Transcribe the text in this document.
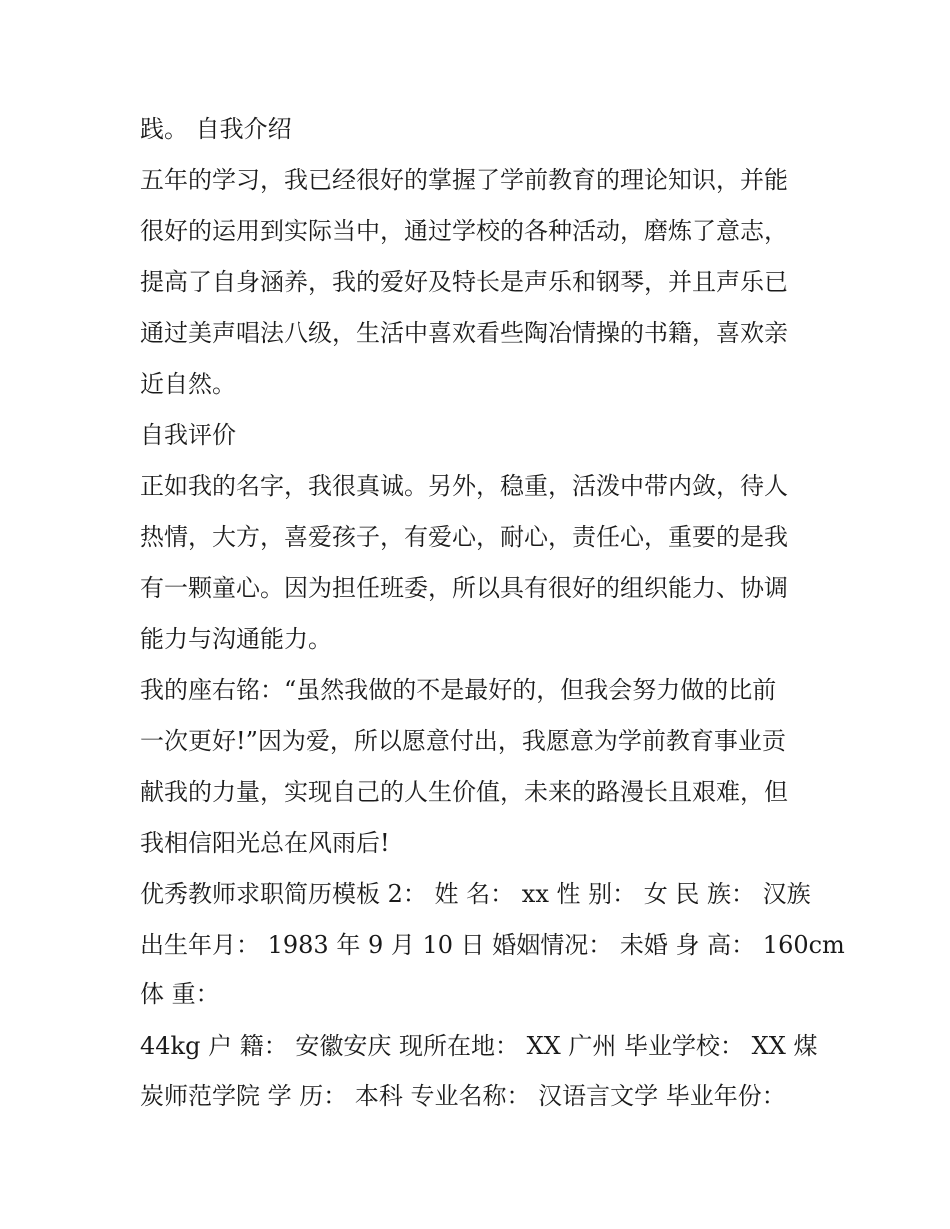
践。 自我介绍
五年的学习，我已经很好的掌握了学前教育的理论知识，并能
很好的运用到实际当中，通过学校的各种活动，磨炼了意志，
提高了自身涵养，我的爱好及特长是声乐和钢琴，并且声乐已
通过美声唱法八级，生活中喜欢看些陶冶情操的书籍，喜欢亲
近自然。
自我评价
正如我的名字，我很真诚。另外，稳重，活泼中带内敛，待人
热情，大方，喜爱孩子，有爱心，耐心，责任心，重要的是我
有一颗童心。因为担任班委，所以具有很好的组织能力、协调
能力与沟通能力。
我的座右铭：“虽然我做的不是最好的，但我会努力做的比前
一次更好!”因为爱，所以愿意付出，我愿意为学前教育事业贡
献我的力量，实现自己的人生价值，未来的路漫长且艰难，但
我相信阳光总在风雨后!
优秀教师求职简历模板 2： 姓 名： xx 性 别： 女 民 族： 汉族
出生年月： 1983 年 9 月 10 日 婚姻情况： 未婚 身 高： 160cm
体 重：
44kg 户 籍： 安徽安庆 现所在地： XX 广州 毕业学校： XX 煤
炭师范学院 学 历： 本科 专业名称： 汉语言文学 毕业年份：
